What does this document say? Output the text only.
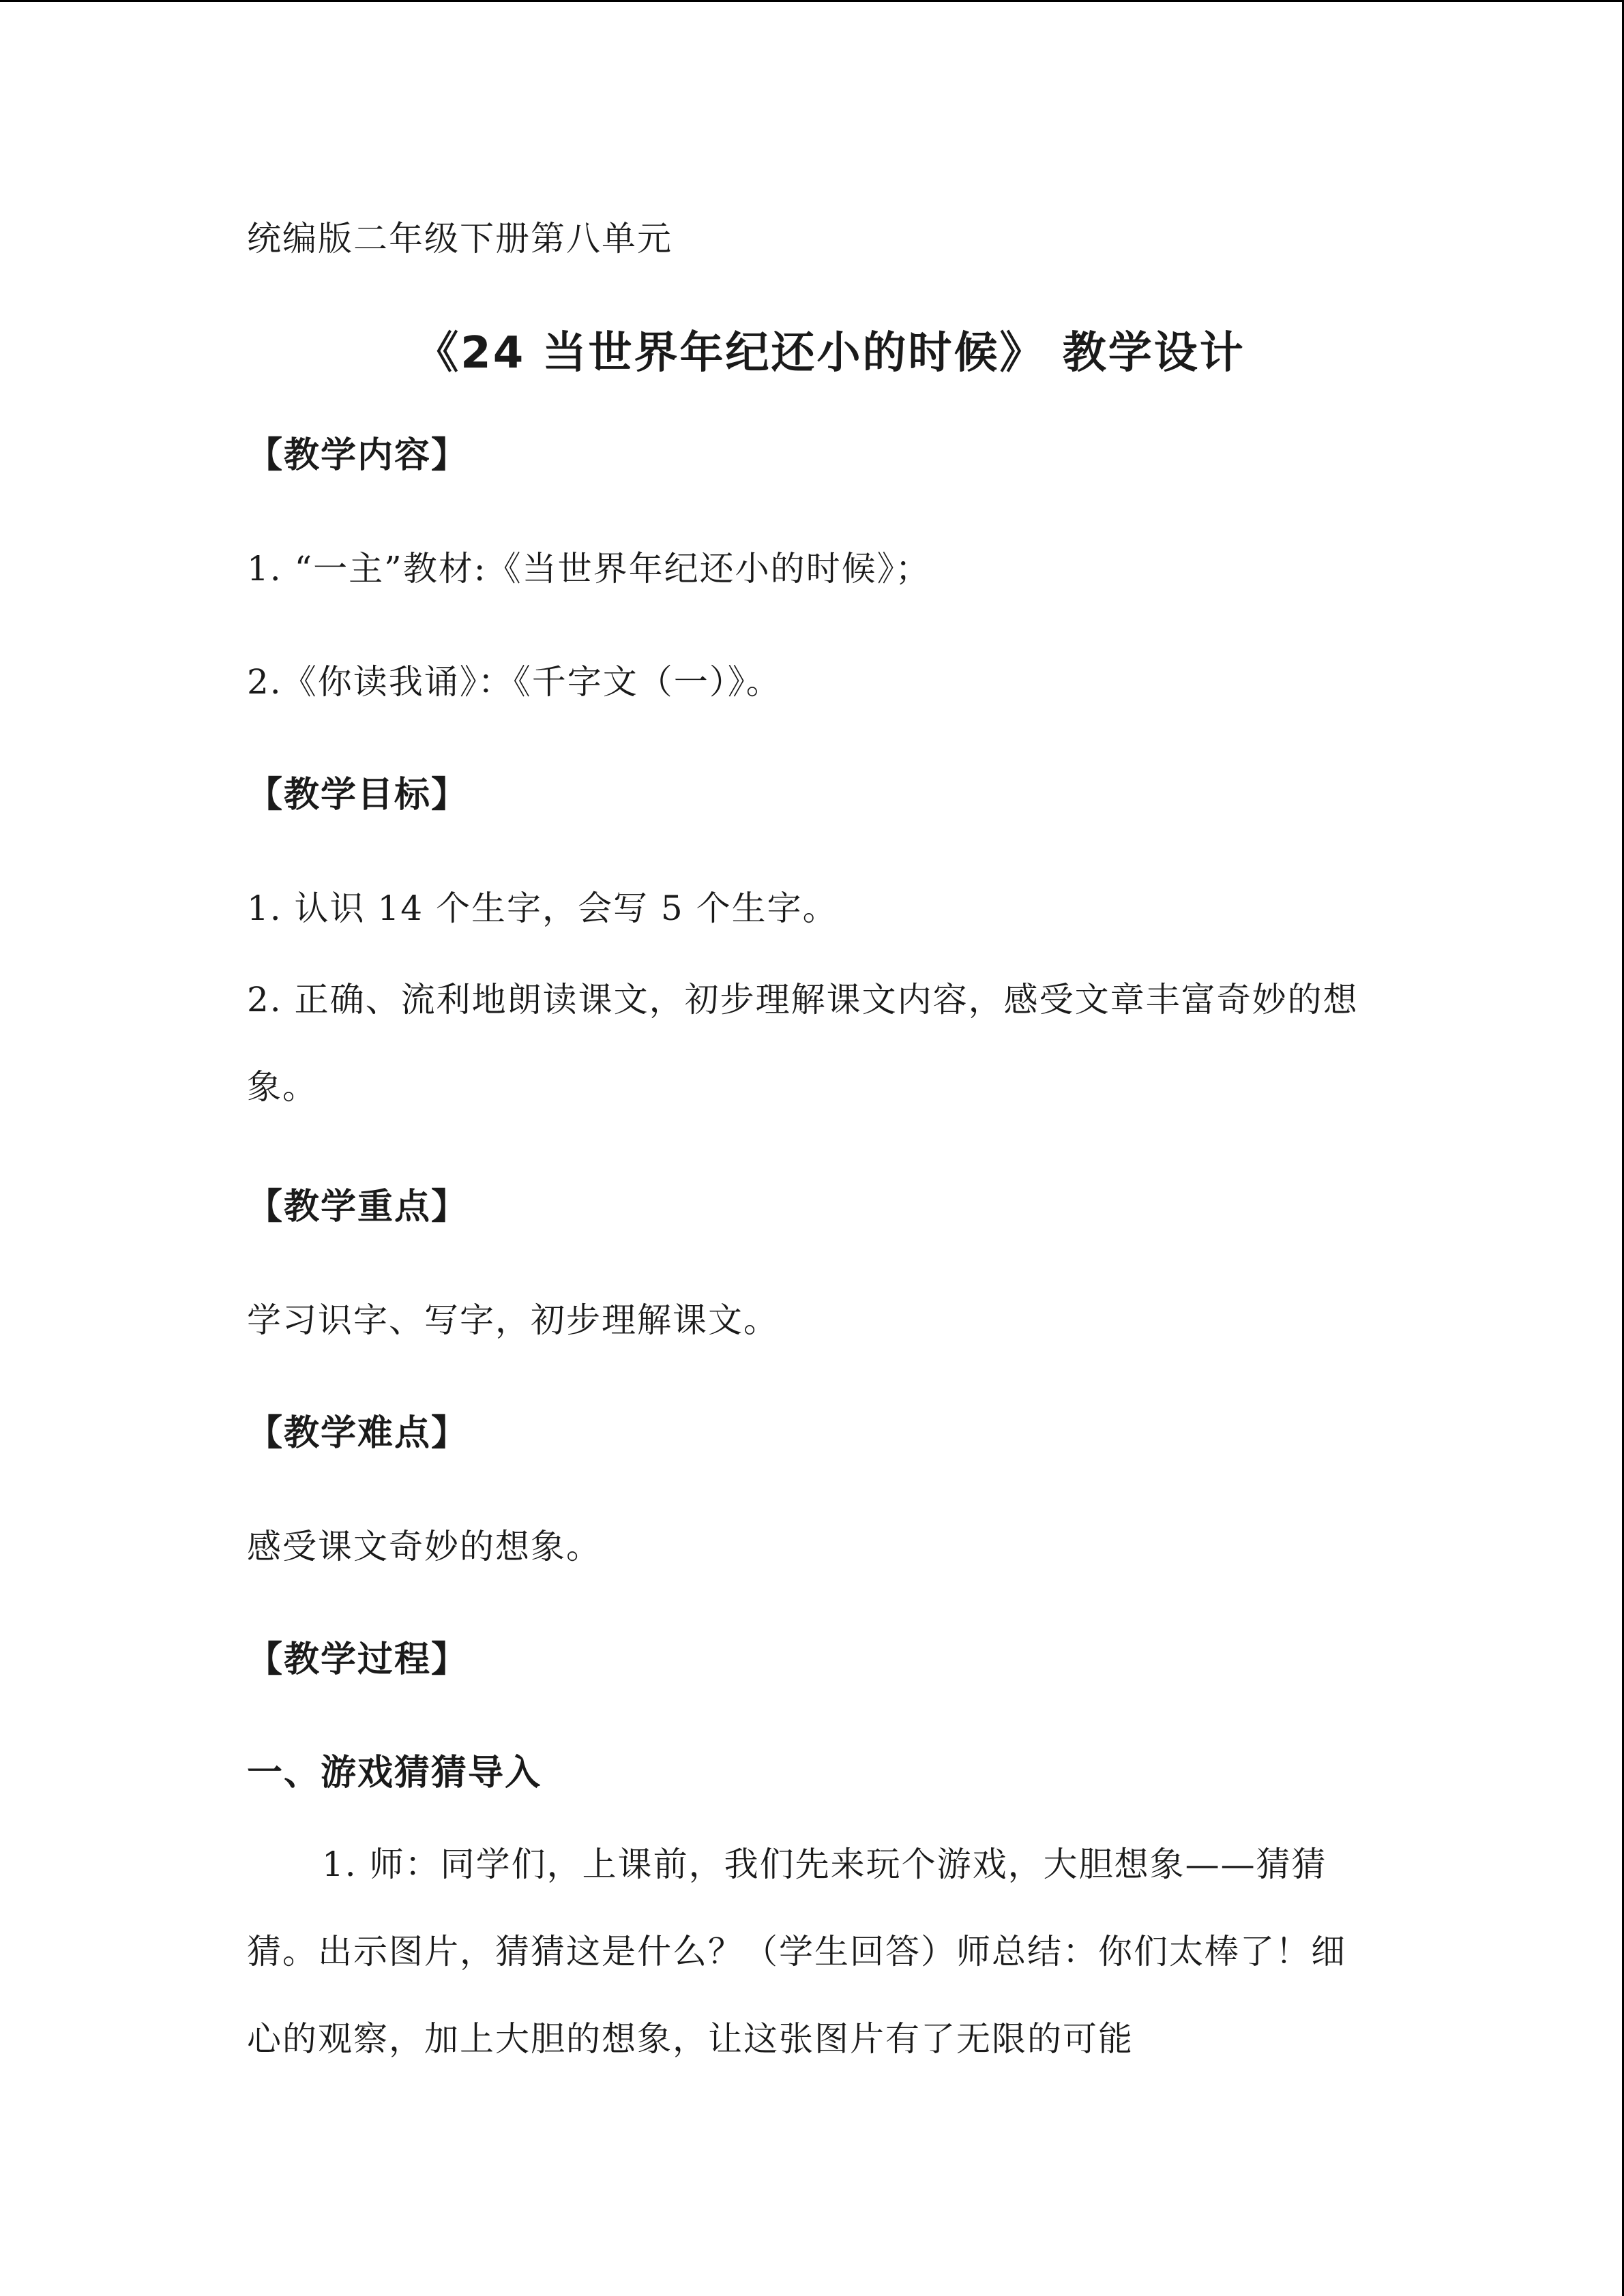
统编版二年级下册第八单元
《24 当世界年纪还小的时候》 教学设计
【教学内容】
1. “一主”教材:《当世界年纪还小的时候》；
2.《你读我诵》：《千字文（一）》。
【教学目标】
1. 认识 14 个生字，会写 5 个生字。
2. 正确、流利地朗读课文，初步理解课文内容，感受文章丰富奇妙的想象。
【教学重点】
学习识字、写字，初步理解课文。
【教学难点】
感受课文奇妙的想象。
【教学过程】
一、游戏猜猜导入
1. 师：同学们，上课前，我们先来玩个游戏，大胆想象——猜猜猜。出示图片，猜猜这是什么？（学生回答）师总结：你们太棒了！细心的观察，加上大胆的想象，让这张图片有了无限的可能
